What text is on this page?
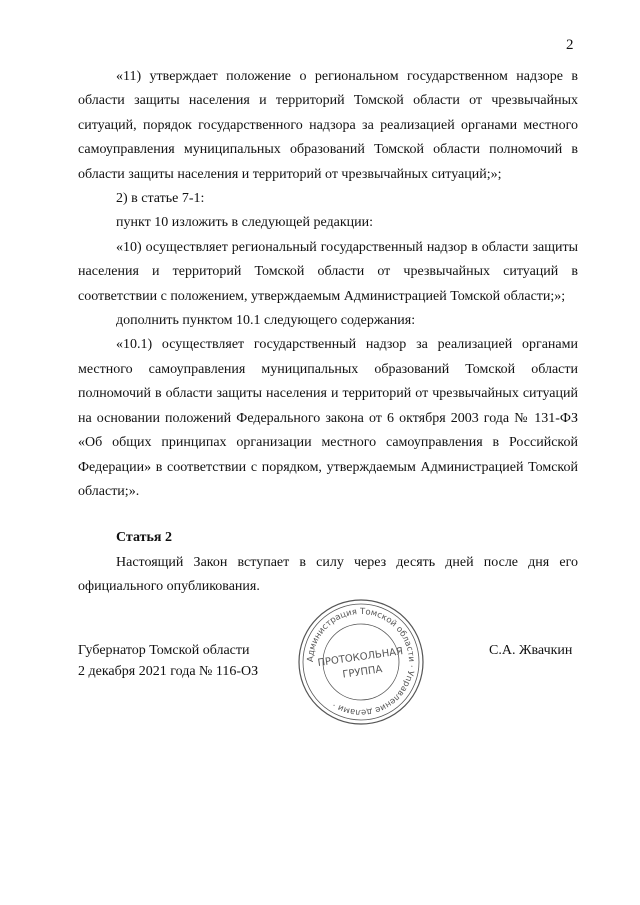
2

«11) утверждает положение о региональном государственном надзоре в области защиты населения и территорий Томской области от чрезвычайных ситуаций, порядок государственного надзора за реализацией органами местного самоуправления муниципальных образований Томской области полномочий в области защиты населения и территорий от чрезвычайных ситуаций;»;

2) в статье 7-1:

пункт 10 изложить в следующей редакции:

«10) осуществляет региональный государственный надзор в области защиты населения и территорий Томской области от чрезвычайных ситуаций в соответствии с положением, утверждаемым Администрацией Томской области;»;

дополнить пунктом 10.1 следующего содержания:

«10.1) осуществляет государственный надзор за реализацией органами местного самоуправления муниципальных образований Томской области полномочий в области защиты населения и территорий от чрезвычайных ситуаций на основании положений Федерального закона от 6 октября 2003 года № 131-ФЗ «Об общих принципах организации местного самоуправления в Российской Федерации» в соответствии с порядком, утверждаемым Администрацией Томской области;».

Статья 2

Настоящий Закон вступает в силу через десять дней после дня его официального опубликования.

Губернатор Томской области
2 декабря 2021 года № 116-ОЗ
С.А. Жвачкин
Администрация Томской области · Управление делами ·
ПРОТОКОЛЬНАЯ
ГРУППА
